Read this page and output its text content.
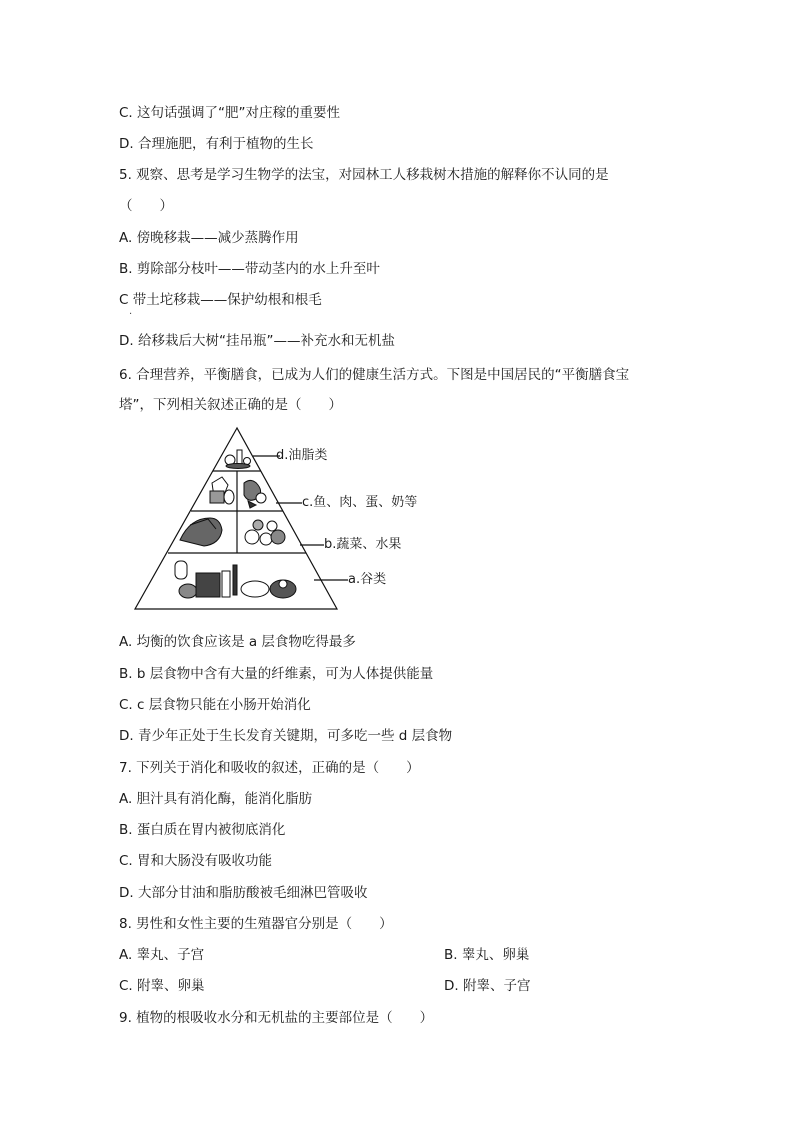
C. 这句话强调了“肥”对庄稼的重要性
D. 合理施肥，有利于植物的生长
5. 观察、思考是学习生物学的法宝，对园林工人移栽树木措施的解释你不认同的是
（　　）
A. 傍晚移栽——减少蒸腾作用
B. 剪除部分枝叶——带动茎内的水上升至叶
C 带土坨移栽——保护幼根和根毛
·
D. 给移栽后大树“挂吊瓶”——补充水和无机盐
6. 合理营养，平衡膳食，已成为人们的健康生活方式。下图是中国居民的“平衡膳食宝
塔”，下列相关叙述正确的是（　　）
d.油脂类
c.鱼、肉、蛋、奶等
b.蔬菜、水果
a.谷类
A. 均衡的饮食应该是 a 层食物吃得最多
B. b 层食物中含有大量的纤维素，可为人体提供能量
C. c 层食物只能在小肠开始消化
D. 青少年正处于生长发育关键期，可多吃一些 d 层食物
7. 下列关于消化和吸收的叙述，正确的是（　　）
A. 胆汁具有消化酶，能消化脂肪
B. 蛋白质在胃内被彻底消化
C. 胃和大肠没有吸收功能
D. 大部分甘油和脂肪酸被毛细淋巴管吸收
8. 男性和女性主要的生殖器官分别是（　　）
A. 睾丸、子宫	B. 睾丸、卵巢
C. 附睾、卵巢	D. 附睾、子宫
9. 植物的根吸收水分和无机盐的主要部位是（　　）
